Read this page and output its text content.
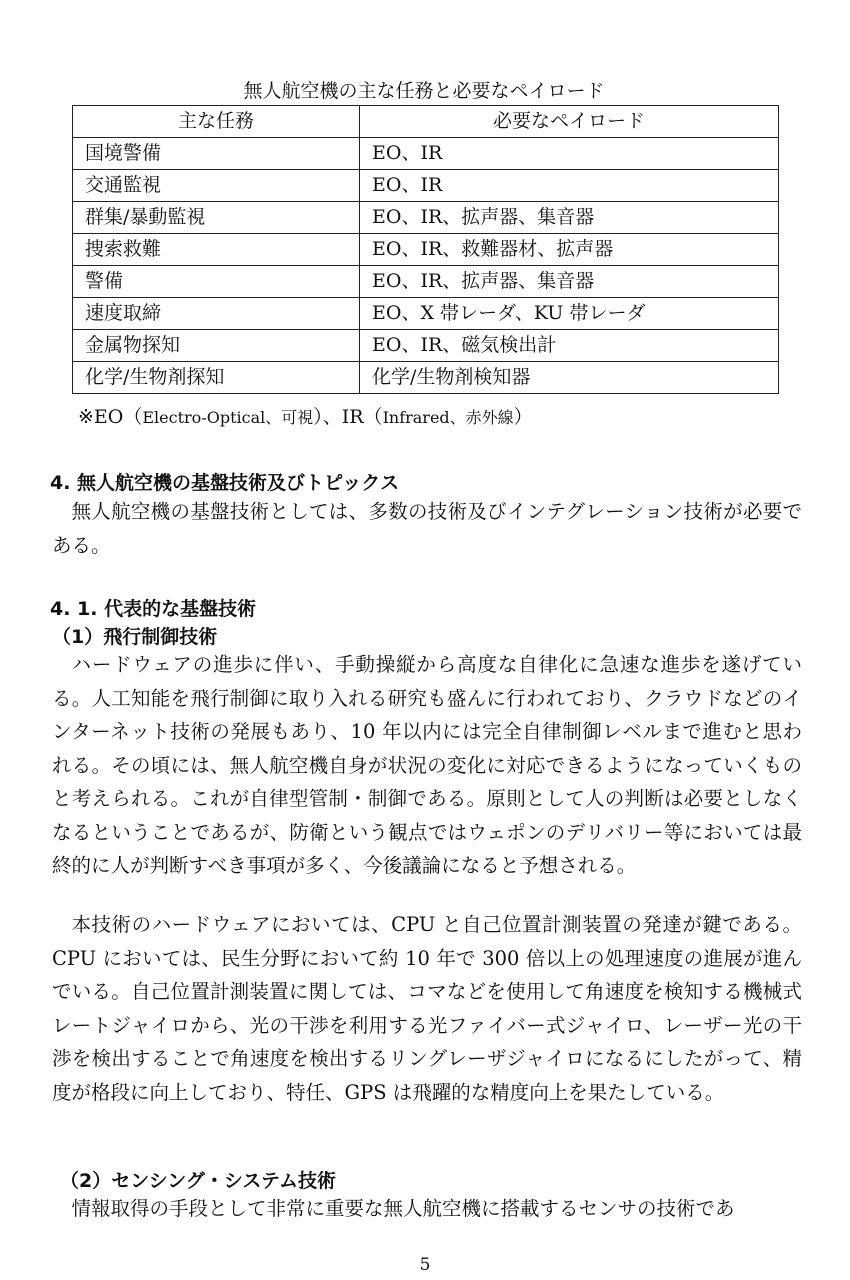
無人航空機の主な任務と必要なペイロード
主な任務	必要なペイロード
国境警備	EO、IR
交通監視	EO、IR
群集/暴動監視	EO、IR、拡声器、集音器
捜索救難	EO、IR、救難器材、拡声器
警備	EO、IR、拡声器、集音器
速度取締	EO、X 帯レーダ、KU 帯レーダ
金属物探知	EO、IR、磁気検出計
化学/生物剤探知	化学/生物剤検知器
※EO（Electro-Optical、可視）、IR（Infrared、赤外線）
4. 無人航空機の基盤技術及びトピックス
無人航空機の基盤技術としては、多数の技術及びインテグレーション技術が必要である。
4. 1. 代表的な基盤技術
（1）飛行制御技術
ハードウェアの進歩に伴い、手動操縦から高度な自律化に急速な進歩を遂げている。人工知能を飛行制御に取り入れる研究も盛んに行われており、クラウドなどのインターネット技術の発展もあり、10 年以内には完全自律制御レベルまで進むと思われる。その頃には、無人航空機自身が状況の変化に対応できるようになっていくものと考えられる。これが自律型管制・制御である。原則として人の判断は必要としなくなるということであるが、防衛という観点ではウェポンのデリバリー等においては最終的に人が判断すべき事項が多く、今後議論になると予想される。
本技術のハードウェアにおいては、CPU と自己位置計測装置の発達が鍵である。CPU においては、民生分野において約 10 年で 300 倍以上の処理速度の進展が進んでいる。自己位置計測装置に関しては、コマなどを使用して角速度を検知する機械式レートジャイロから、光の干渉を利用する光ファイバー式ジャイロ、レーザー光の干渉を検出することで角速度を検出するリングレーザジャイロになるにしたがって、精度が格段に向上しており、特任、GPS は飛躍的な精度向上を果たしている。
（2）センシング・システム技術
情報取得の手段として非常に重要な無人航空機に搭載するセンサの技術であ
5
